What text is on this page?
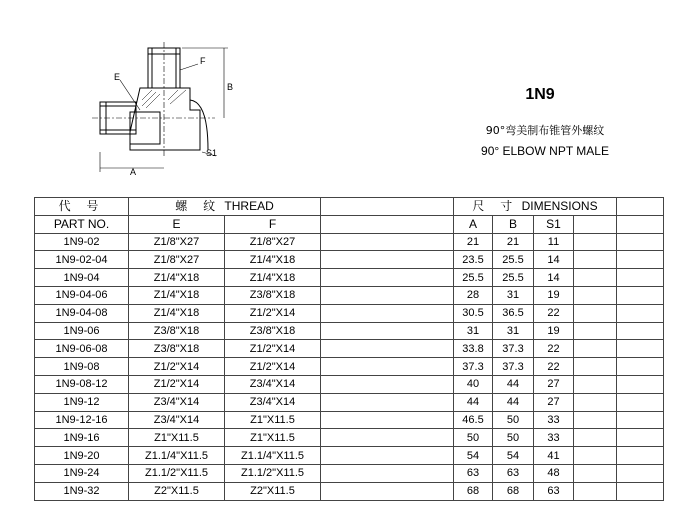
E
F
A
B
S1
1N9
90°弯美制布锥管外螺纹
90° ELBOW NPT MALE
代 号	螺 纹 THREAD			尺 寸 DIMENSIONS				
PART NO.	E	F		A	B	S1		
1N9-02	Z1/8"X27	Z1/8"X27		21	21	11		
1N9-02-04	Z1/8"X27	Z1/4"X18		23.5	25.5	14		
1N9-04	Z1/4"X18	Z1/4"X18		25.5	25.5	14		
1N9-04-06	Z1/4"X18	Z3/8"X18		28	31	19		
1N9-04-08	Z1/4"X18	Z1/2"X14		30.5	36.5	22		
1N9-06	Z3/8"X18	Z3/8"X18		31	31	19		
1N9-06-08	Z3/8"X18	Z1/2"X14		33.8	37.3	22		
1N9-08	Z1/2"X14	Z1/2"X14		37.3	37.3	22		
1N9-08-12	Z1/2"X14	Z3/4"X14		40	44	27		
1N9-12	Z3/4"X14	Z3/4"X14		44	44	27		
1N9-12-16	Z3/4"X14	Z1"X11.5		46.5	50	33		
1N9-16	Z1"X11.5	Z1"X11.5		50	50	33		
1N9-20	Z1.1/4"X11.5	Z1.1/4"X11.5		54	54	41		
1N9-24	Z1.1/2"X11.5	Z1.1/2"X11.5		63	63	48		
1N9-32	Z2"X11.5	Z2"X11.5		68	68	63		
